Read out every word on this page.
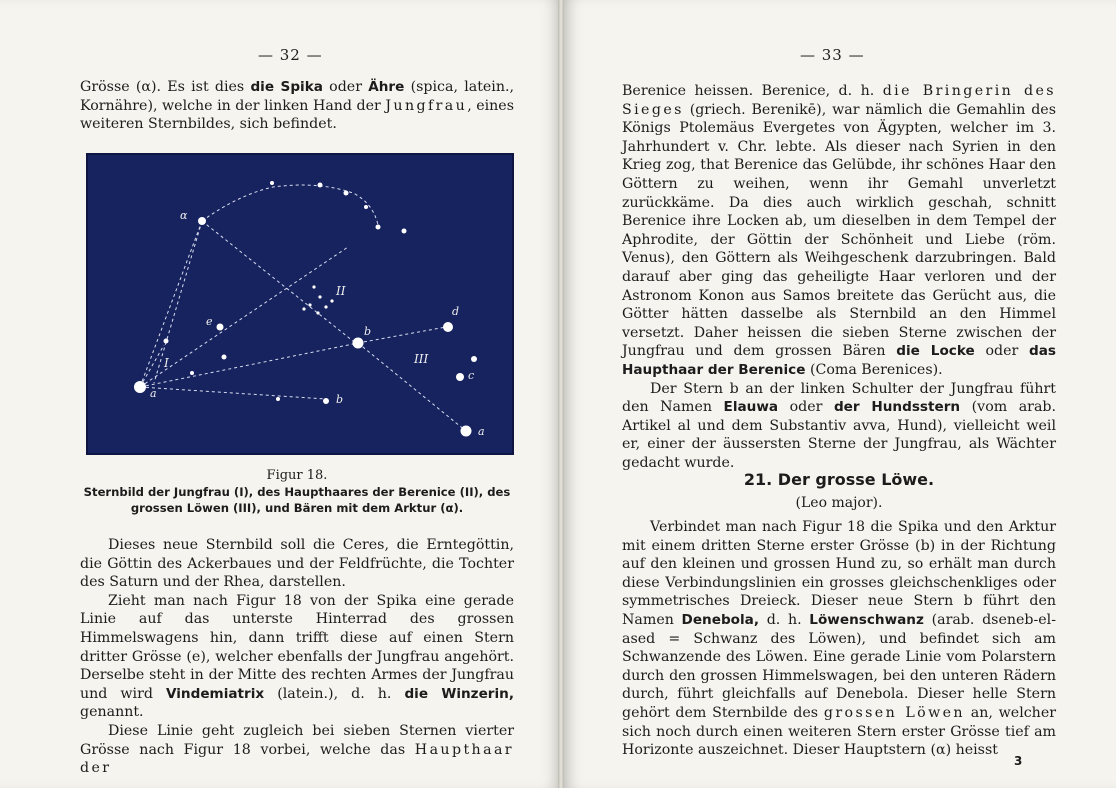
— 32 —

Grösse (α). Es ist dies die Spika oder Ähre (spica, latein., Kornähre), welche in der linken Hand der Jungfrau, eines weiteren Sternbildes, sich befindet.

α
I
II
III
a
e
b
d
c
b
a
Figur 18.
Sternbild der Jungfrau (I), des Haupthaares der Berenice (II), des grossen Löwen (III), und Bären mit dem Arktur (α).

Dieses neue Sternbild soll die Ceres, die Erntegöttin, die Göttin des Ackerbaues und der Feldfrüchte, die Tochter des Saturn und der Rhea, darstellen.

Zieht man nach Figur 18 von der Spika eine gerade Linie auf das unterste Hinterrad des grossen Himmelswagens hin, dann trifft diese auf einen Stern dritter Grösse (e), welcher ebenfalls der Jungfrau angehört. Derselbe steht in der Mitte des rechten Armes der Jungfrau und wird Vindemiatrix (latein.), d. h. die Winzerin, genannt.

Diese Linie geht zugleich bei sieben Sternen vierter Grösse nach Figur 18 vorbei, welche das Haupthaar der

— 33 —

Berenice heissen. Berenice, d. h. die Bringerin des Sieges (griech. Berenikē), war nämlich die Gemahlin des Königs Ptolemäus Evergetes von Ägypten, welcher im 3. Jahrhundert v. Chr. lebte. Als dieser nach Syrien in den Krieg zog, that Berenice das Gelübde, ihr schönes Haar den Göttern zu weihen, wenn ihr Gemahl unverletzt zurückkäme. Da dies auch wirklich geschah, schnitt Berenice ihre Locken ab, um dieselben in dem Tempel der Aphrodite, der Göttin der Schönheit und Liebe (röm. Venus), den Göttern als Weihgeschenk darzubringen. Bald darauf aber ging das geheiligte Haar verloren und der Astronom Konon aus Samos breitete das Gerücht aus, die Götter hätten dasselbe als Sternbild an den Himmel versetzt. Daher heissen die sieben Sterne zwischen der Jungfrau und dem grossen Bären die Locke oder das Haupthaar der Berenice (Coma Berenices).

Der Stern b an der linken Schulter der Jungfrau führt den Namen Elauwa oder der Hundsstern (vom arab. Artikel al und dem Substantiv avva, Hund), vielleicht weil er, einer der äussersten Sterne der Jungfrau, als Wächter gedacht wurde.

21. Der grosse Löwe.
(Leo major).

Verbindet man nach Figur 18 die Spika und den Arktur mit einem dritten Sterne erster Grösse (b) in der Richtung auf den kleinen und grossen Hund zu, so erhält man durch diese Verbindungslinien ein grosses gleichschenkliges oder symmetrisches Dreieck. Dieser neue Stern b führt den Namen Denebola, d. h. Löwenschwanz (arab. dseneb-el-ased = Schwanz des Löwen), und befindet sich am Schwanzende des Löwen. Eine gerade Linie vom Polarstern durch den grossen Himmelswagen, bei den unteren Rädern durch, führt gleichfalls auf Denebola. Dieser helle Stern gehört dem Sternbilde des grossen Löwen an, welcher sich noch durch einen weiteren Stern erster Grösse tief am Horizonte auszeichnet. Dieser Hauptstern (α) heisst

3
